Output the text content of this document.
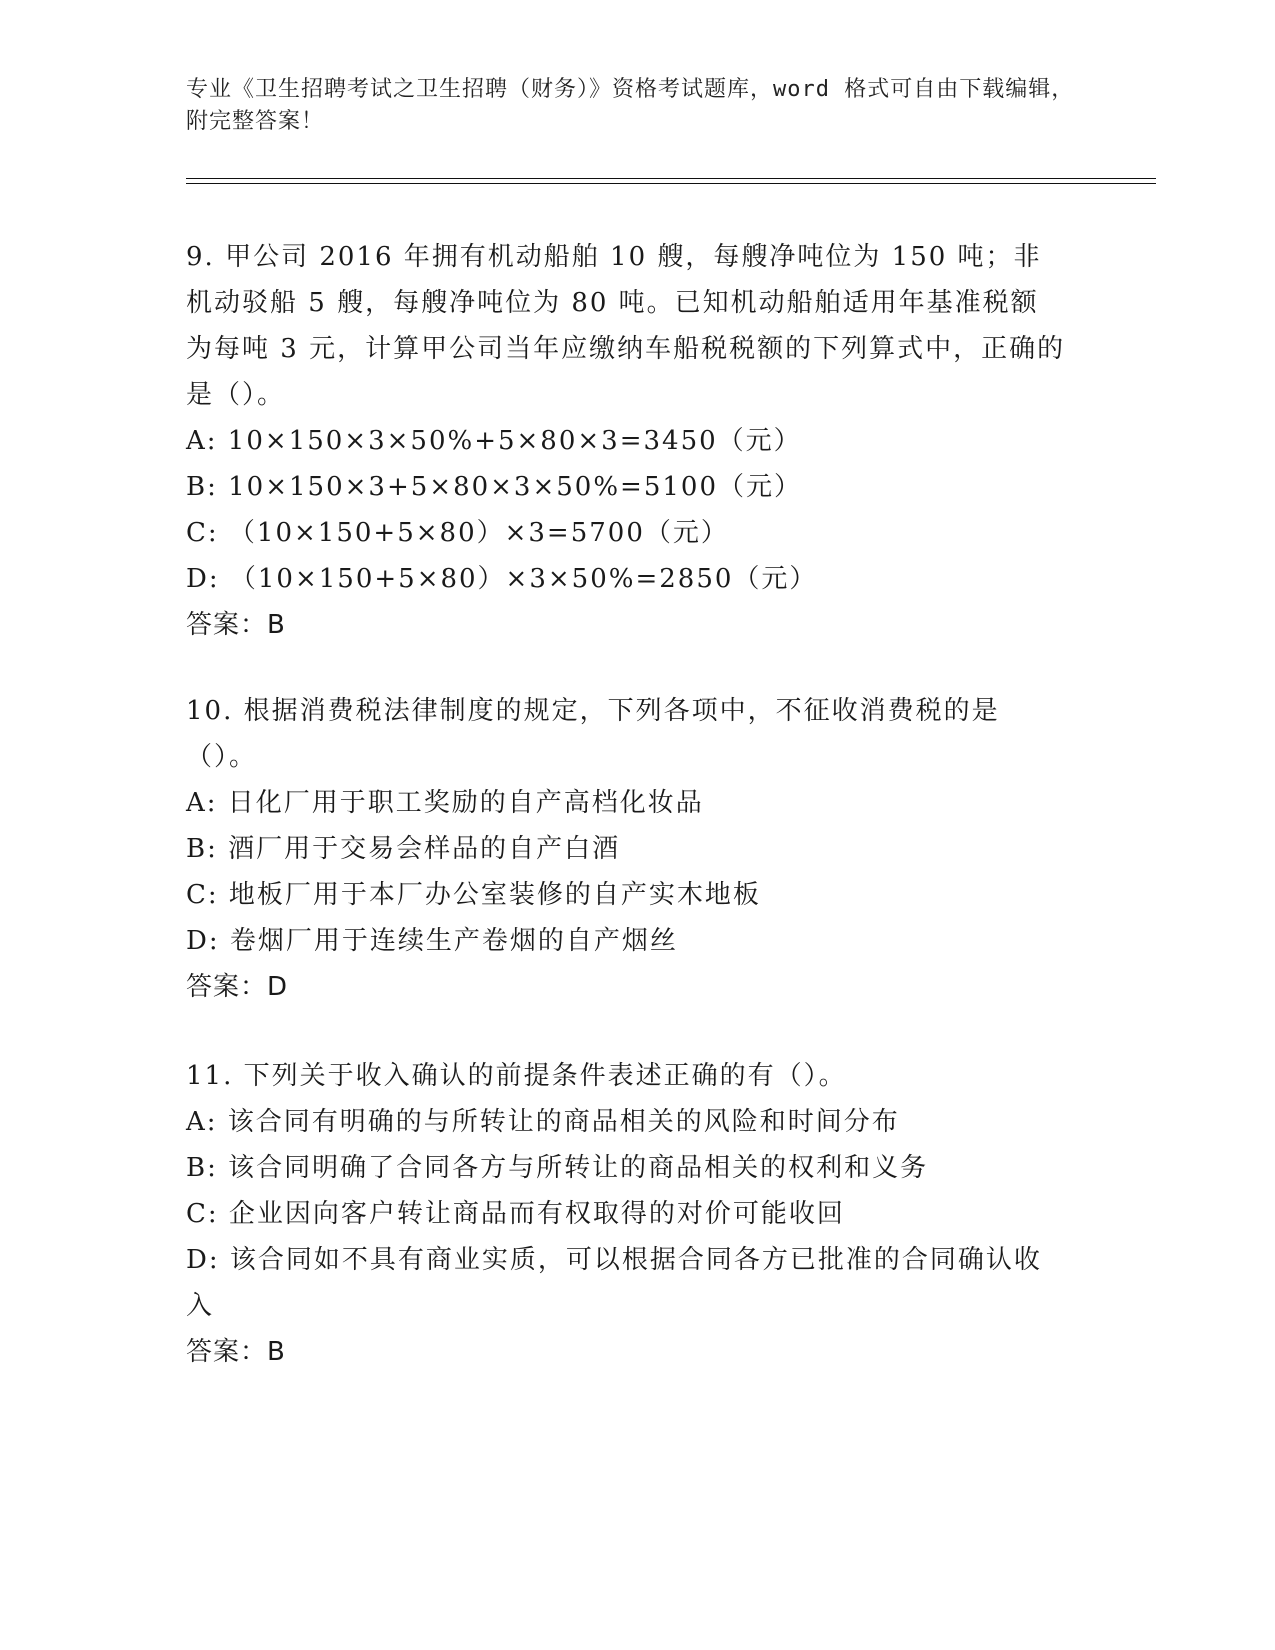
专业《卫生招聘考试之卫生招聘（财务）》资格考试题库，word 格式可自由下载编辑，附完整答案！

9. 甲公司 2016 年拥有机动船舶 10 艘，每艘净吨位为 150 吨；非机动驳船 5 艘，每艘净吨位为 80 吨。已知机动船舶适用年基准税额为每吨 3 元，计算甲公司当年应缴纳车船税税额的下列算式中，正确的是（）。

A: 10×150×3×50%+5×80×3=3450（元）

B: 10×150×3+5×80×3×50%=5100（元）

C: （10×150+5×80）×3=5700（元）

D: （10×150+5×80）×3×50%=2850（元）

答案：B

10. 根据消费税法律制度的规定，下列各项中，不征收消费税的是（）。

A: 日化厂用于职工奖励的自产高档化妆品

B: 酒厂用于交易会样品的自产白酒

C: 地板厂用于本厂办公室装修的自产实木地板

D: 卷烟厂用于连续生产卷烟的自产烟丝

答案：D

11. 下列关于收入确认的前提条件表述正确的有（）。

A: 该合同有明确的与所转让的商品相关的风险和时间分布

B: 该合同明确了合同各方与所转让的商品相关的权利和义务

C: 企业因向客户转让商品而有权取得的对价可能收回

D: 该合同如不具有商业实质，可以根据合同各方已批准的合同确认收入

答案：B
